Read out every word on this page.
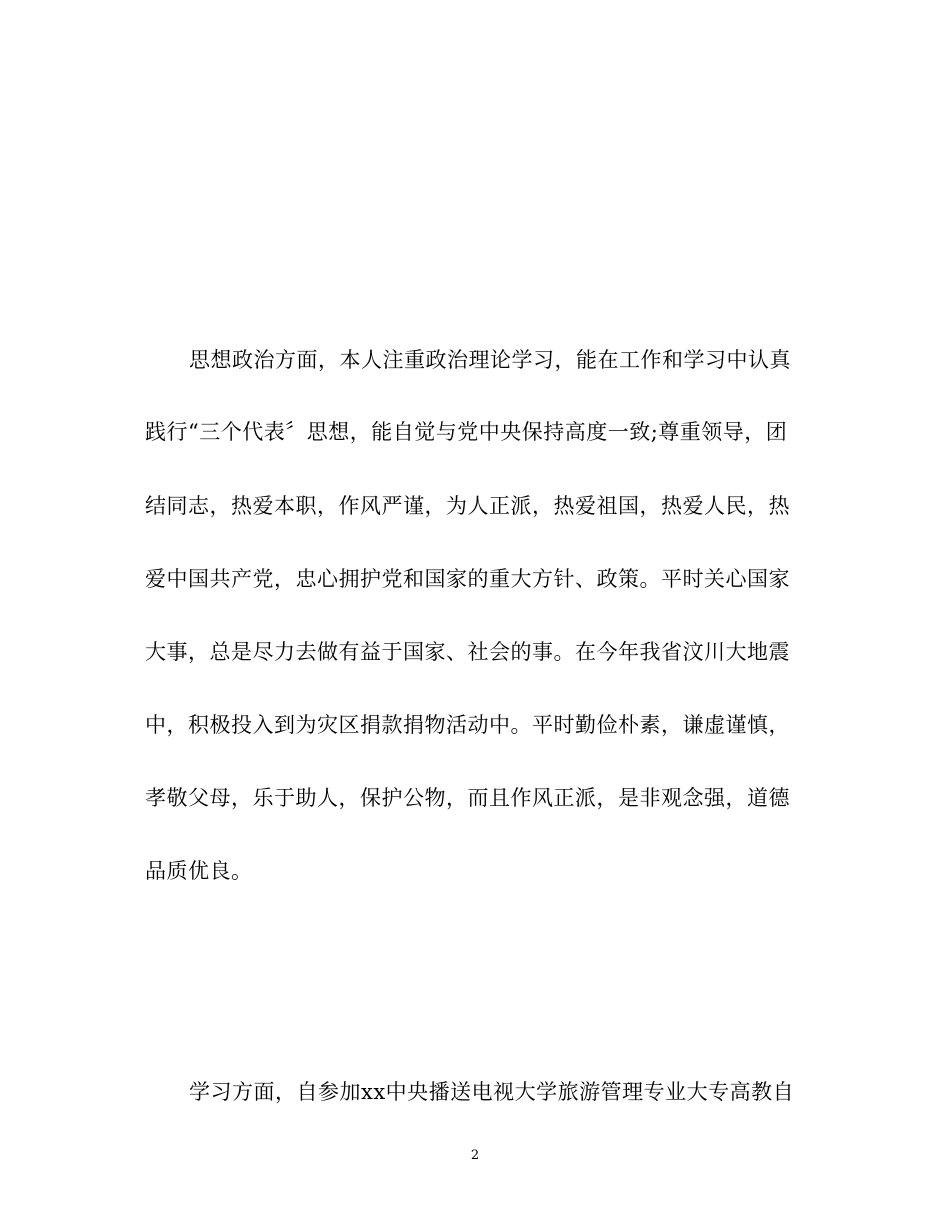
思想政治方面，本人注重政治理论学习，能在工作和学习中认真
践行“三个代表〞思想，能自觉与党中央保持高度一致;尊重领导，团
结同志，热爱本职，作风严谨，为人正派，热爱祖国，热爱人民，热
爱中国共产党，忠心拥护党和国家的重大方针、政策。平时关心国家
大事，总是尽力去做有益于国家、社会的事。在今年我省汶川大地震
中，积极投入到为灾区捐款捐物活动中。平时勤俭朴素，谦虚谨慎，
孝敬父母，乐于助人，保护公物，而且作风正派，是非观念强，道德
品质优良。
学习方面，自参加xx中央播送电视大学旅游管理专业大专高教自
2
